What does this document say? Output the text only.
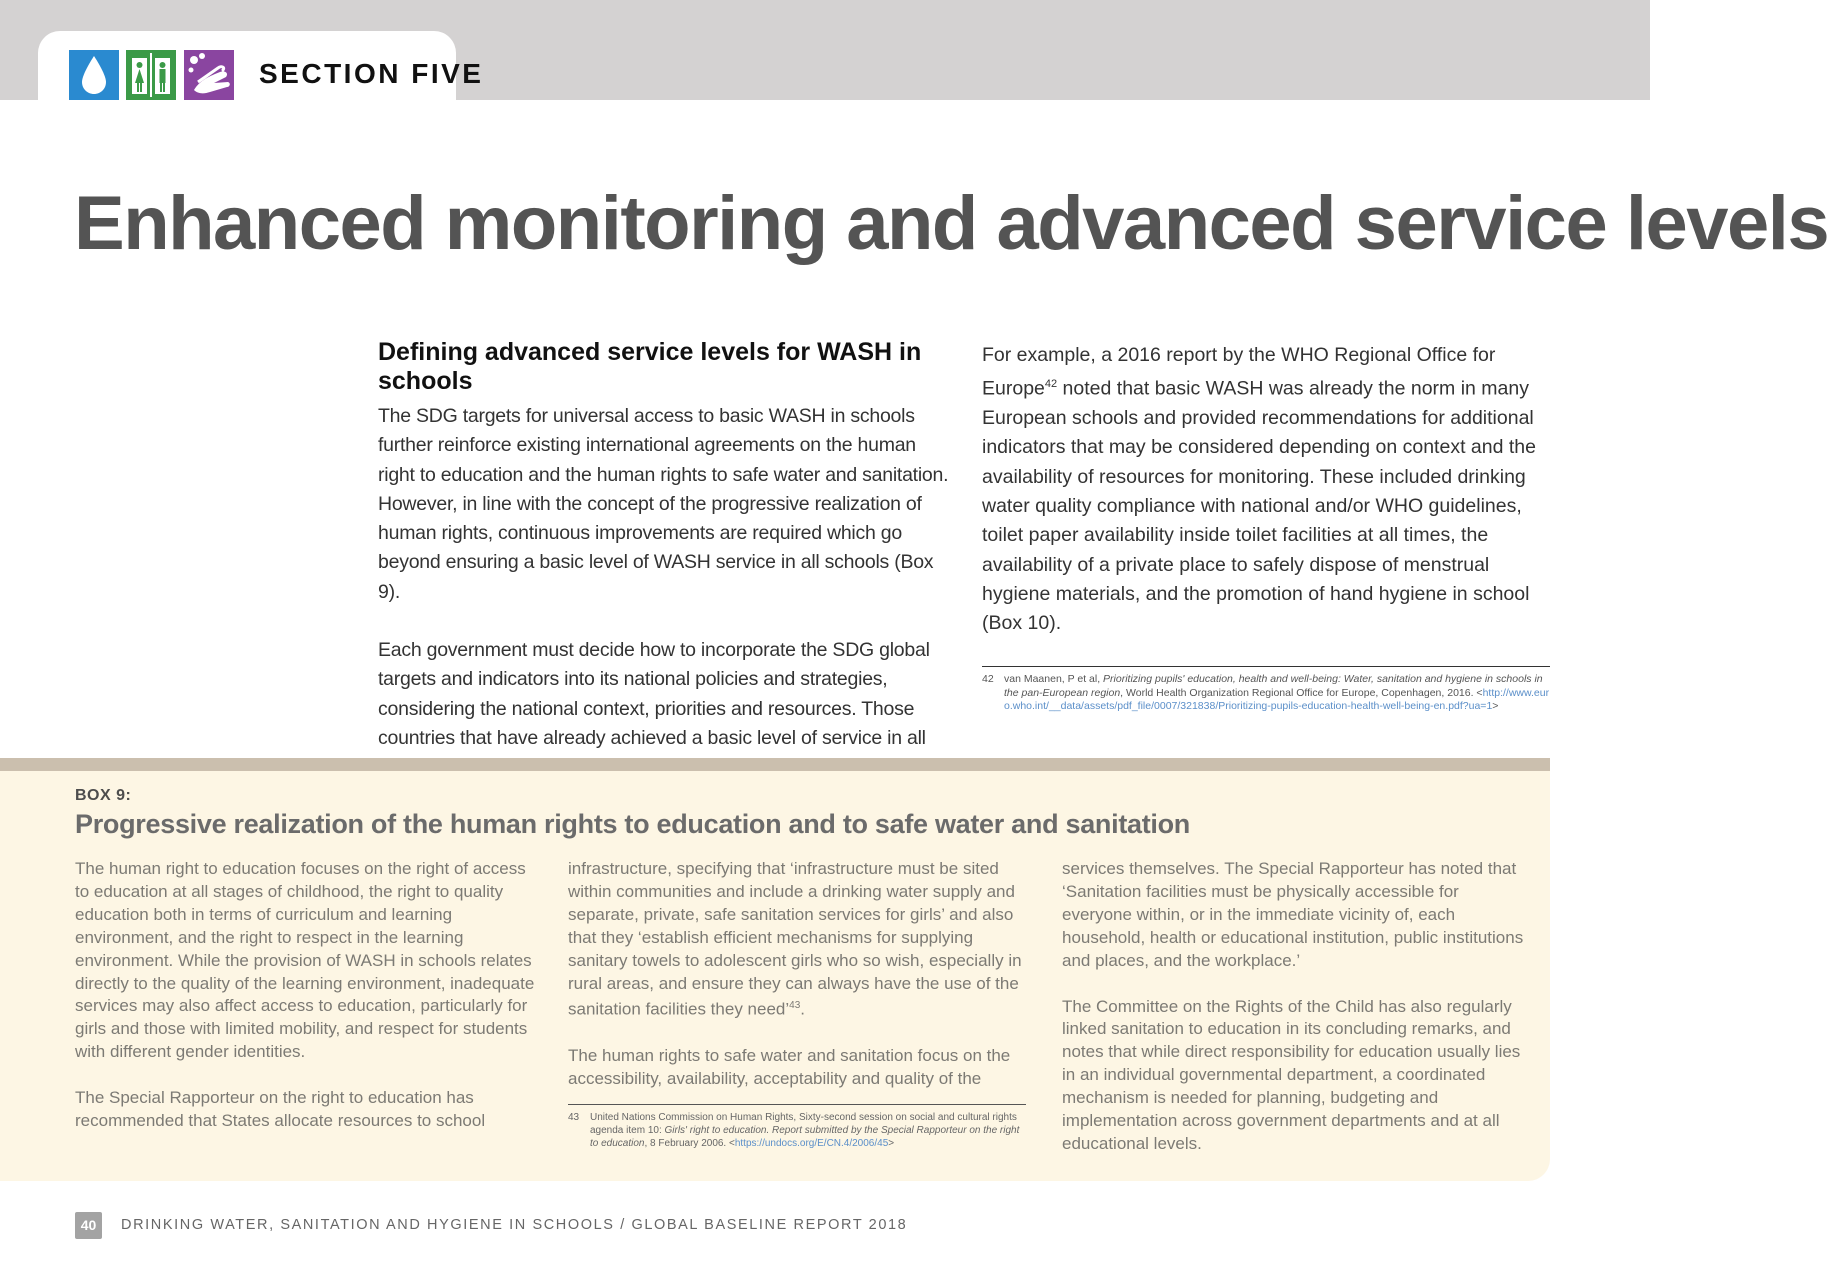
SECTION FIVE
Enhanced monitoring and advanced service levels
Defining advanced service levels for WASH in schools

The SDG targets for universal access to basic WASH in schools further reinforce existing international agreements on the human right to education and the human rights to safe water and sanitation. However, in line with the concept of the progressive realization of human rights, continuous improvements are required which go beyond ensuring a basic level of WASH service in all schools (Box 9).

Each government must decide how to incorporate the SDG global targets and indicators into its national policies and strategies, considering the national context, priorities and resources. Those countries that have already achieved a basic level of service in all

For example, a 2016 report by the WHO Regional Office for Europe$^{42}$ noted that basic WASH was already the norm in many European schools and provided recommendations for additional indicators that may be considered depending on context and the availability of resources for monitoring. These included drinking water quality compliance with national and/or WHO guidelines, toilet paper availability inside toilet facilities at all times, the availability of a private place to safely dispose of menstrual hygiene materials, and the promotion of hand hygiene in school (Box 10).

42 van Maanen, P et al, Prioritizing pupils' education, health and well-being: Water, sanitation and hygiene in schools in the pan-European region, World Health Organization Regional Office for Europe, Copenhagen, 2016. <http://www.euro.who.int/__data/assets/pdf_file/0007/321838/Prioritizing-pupils-education-health-well-being-en.pdf?ua=1>
BOX 9:
Progressive realization of the human rights to education and to safe water and sanitation

The human right to education focuses on the right of access to education at all stages of childhood, the right to quality education both in terms of curriculum and learning environment, and the right to respect in the learning environment. While the provision of WASH in schools relates directly to the quality of the learning environment, inadequate services may also affect access to education, particularly for girls and those with limited mobility, and respect for students with different gender identities.

The Special Rapporteur on the right to education has recommended that States allocate resources to school

infrastructure, specifying that ‘infrastructure must be sited within communities and include a drinking water supply and separate, private, safe sanitation services for girls’ and also that they ‘establish efficient mechanisms for supplying sanitary towels to adolescent girls who so wish, especially in rural areas, and ensure they can always have the use of the sanitation facilities they need’$^{43}$.

The human rights to safe water and sanitation focus on the accessibility, availability, acceptability and quality of the

services themselves. The Special Rapporteur has noted that ‘Sanitation facilities must be physically accessible for everyone within, or in the immediate vicinity of, each household, health or educational institution, public institutions and places, and the workplace.’

The Committee on the Rights of the Child has also regularly linked sanitation to education in its concluding remarks, and notes that while direct responsibility for education usually lies in an individual governmental department, a coordinated mechanism is needed for planning, budgeting and implementation across government departments and at all educational levels.

43 United Nations Commission on Human Rights, Sixty-second session on social and cultural rights agenda item 10: Girls' right to education. Report submitted by the Special Rapporteur on the right to education, 8 February 2006. <https://undocs.org/E/CN.4/2006/45>
40	DRINKING WATER, SANITATION AND HYGIENE IN SCHOOLS / GLOBAL BASELINE REPORT 2018
